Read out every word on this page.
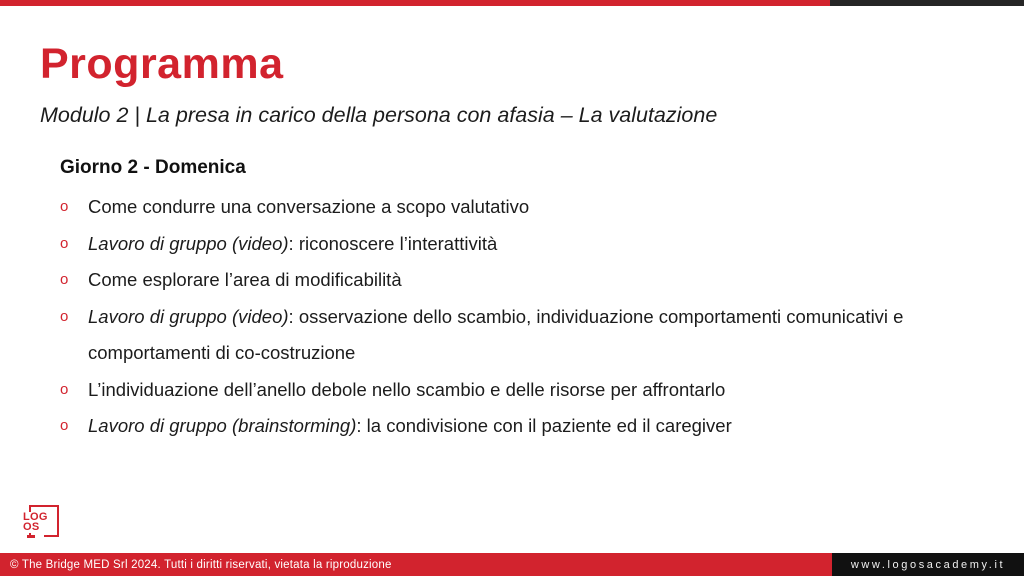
Programma
Modulo 2 | La presa in carico della persona con afasia – La valutazione
Giorno 2 - Domenica
o	Come condurre una conversazione a scopo valutativo
o	Lavoro di gruppo (video): riconoscere l’interattività
o	Come esplorare l’area di modificabilità
o	Lavoro di gruppo (video): osservazione dello scambio, individuazione comportamenti comunicativi e comportamenti di co-costruzione
o	L’individuazione dell’anello debole nello scambio e delle risorse per affrontarlo
o	Lavoro di gruppo (brainstorming): la condivisione con il paziente ed il caregiver
LOG
OS
© The Bridge MED Srl 2024. Tutti i diritti riservati, vietata la riproduzione	www.logosacademy.it
